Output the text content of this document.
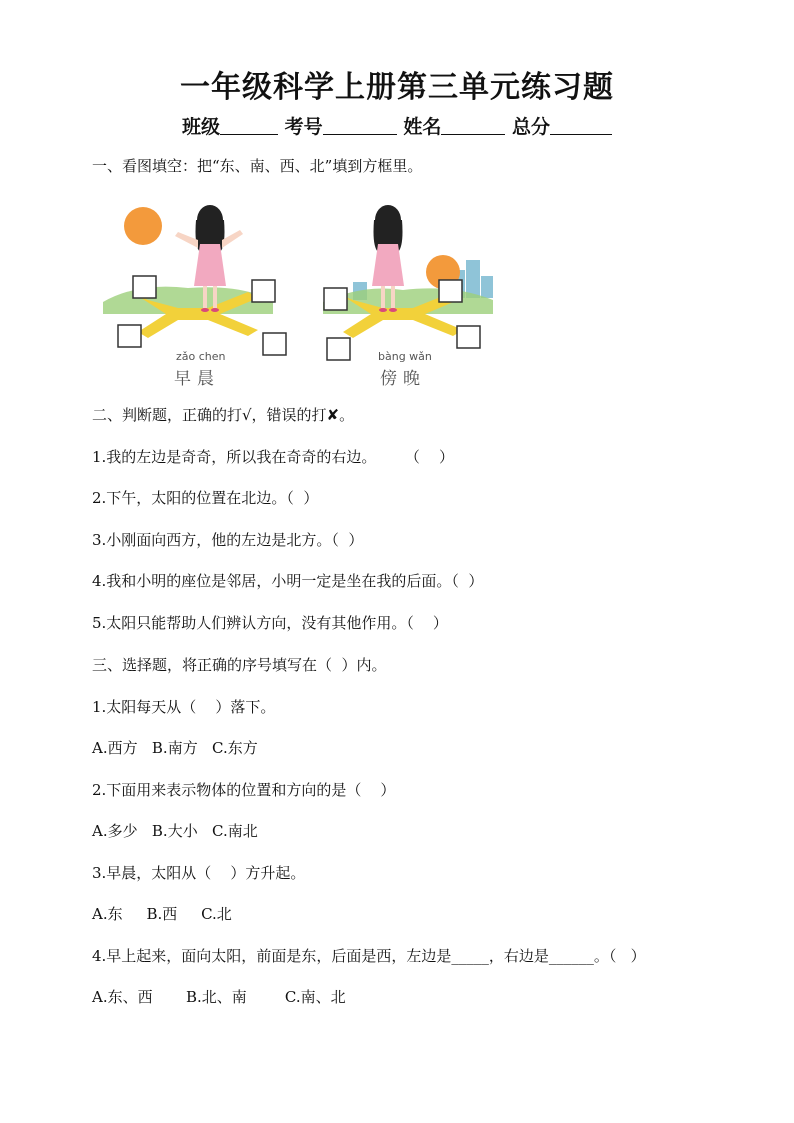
一年级科学上册第三单元练习题
班级	考号	姓名	总分
一、看图填空：把“东、南、西、北”填到方框里。
zǎo chen
早晨
bàng wǎn
傍晚
二、判断题，正确的打√，错误的打✘。
1.我的左边是奇奇，所以我在奇奇的右边。      （    ）
2.下午，太阳的位置在北边。（  ）
3.小刚面向西方，他的左边是北方。（  ）
4.我和小明的座位是邻居，小明一定是坐在我的后面。（  ）
5.太阳只能帮助人们辨认方向，没有其他作用。（    ）
三、选择题，将正确的序号填写在（  ）内。
1.太阳每天从（    ）落下。
A.西方   B.南方   C.东方
2.下面用来表示物体的位置和方向的是（    ）
A.多少   B.大小   C.南北
3.早晨，太阳从（    ）方升起。
A.东     B.西     C.北
4.早上起来，面向太阳，前面是东，后面是西，左边是_____，右边是______。（   ）
A.东、西       B.北、南        C.南、北
